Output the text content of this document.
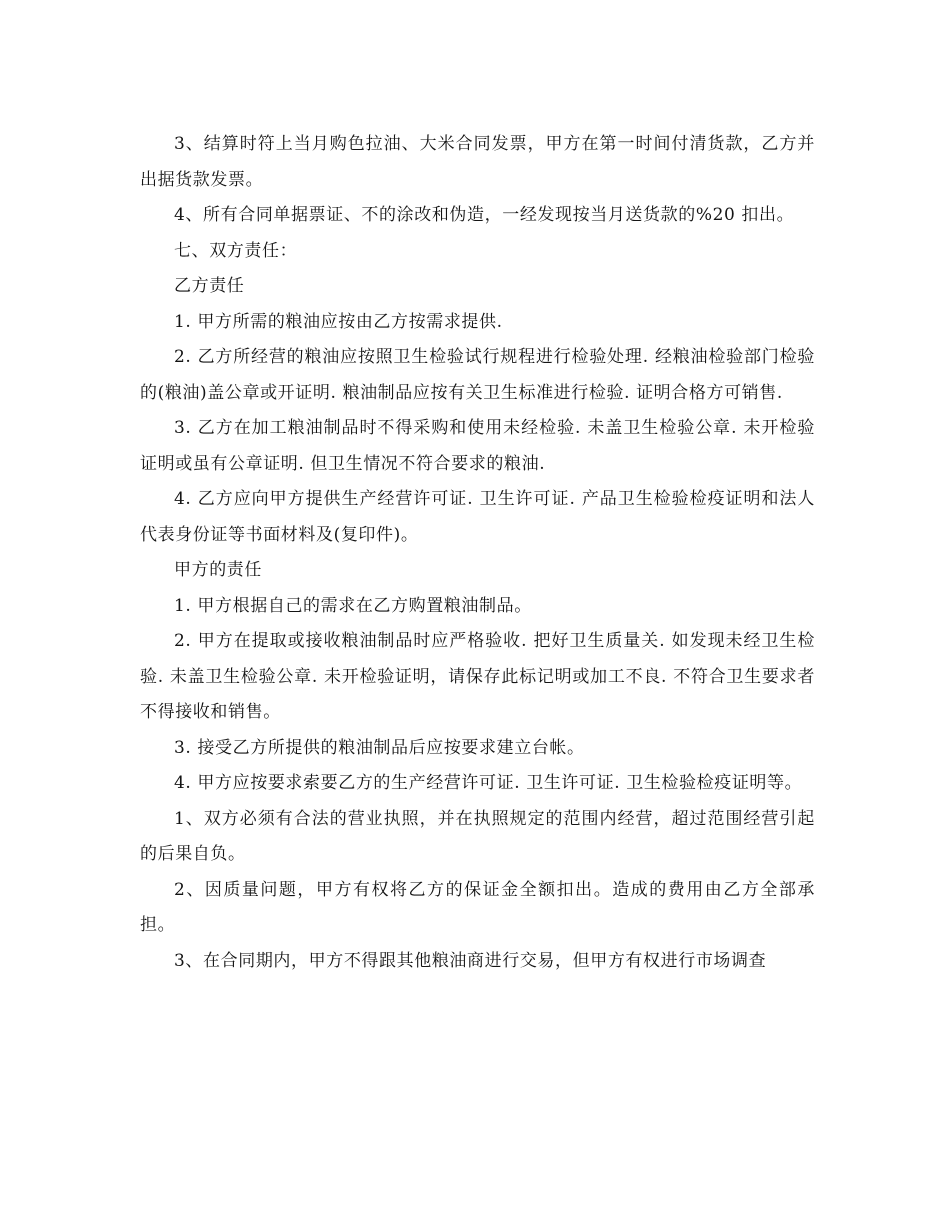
3、结算时符上当月购色拉油、大米合同发票，甲方在第一时间付清货款，乙方并出据货款发票。

4、所有合同单据票证、不的涂改和伪造，一经发现按当月送货款的%20 扣出。

七、双方责任：

乙方责任

1. 甲方所需的粮油应按由乙方按需求提供.

2. 乙方所经营的粮油应按照卫生检验试行规程进行检验处理. 经粮油检验部门检验的(粮油)盖公章或开证明. 粮油制品应按有关卫生标准进行检验. 证明合格方可销售.

3. 乙方在加工粮油制品时不得采购和使用未经检验. 未盖卫生检验公章. 未开检验证明或虽有公章证明. 但卫生情况不符合要求的粮油.

4. 乙方应向甲方提供生产经营许可证. 卫生许可证. 产品卫生检验检疫证明和法人代表身份证等书面材料及(复印件)。

甲方的责任

1. 甲方根据自己的需求在乙方购置粮油制品。

2. 甲方在提取或接收粮油制品时应严格验收. 把好卫生质量关. 如发现未经卫生检验. 未盖卫生检验公章. 未开检验证明，请保存此标记明或加工不良. 不符合卫生要求者不得接收和销售。

3. 接受乙方所提供的粮油制品后应按要求建立台帐。

4. 甲方应按要求索要乙方的生产经营许可证. 卫生许可证. 卫生检验检疫证明等。

1、双方必须有合法的营业执照，并在执照规定的范围内经营，超过范围经营引起的后果自负。

2、因质量问题，甲方有权将乙方的保证金全额扣出。造成的费用由乙方全部承担。

3、在合同期内，甲方不得跟其他粮油商进行交易，但甲方有权进行市场调查
